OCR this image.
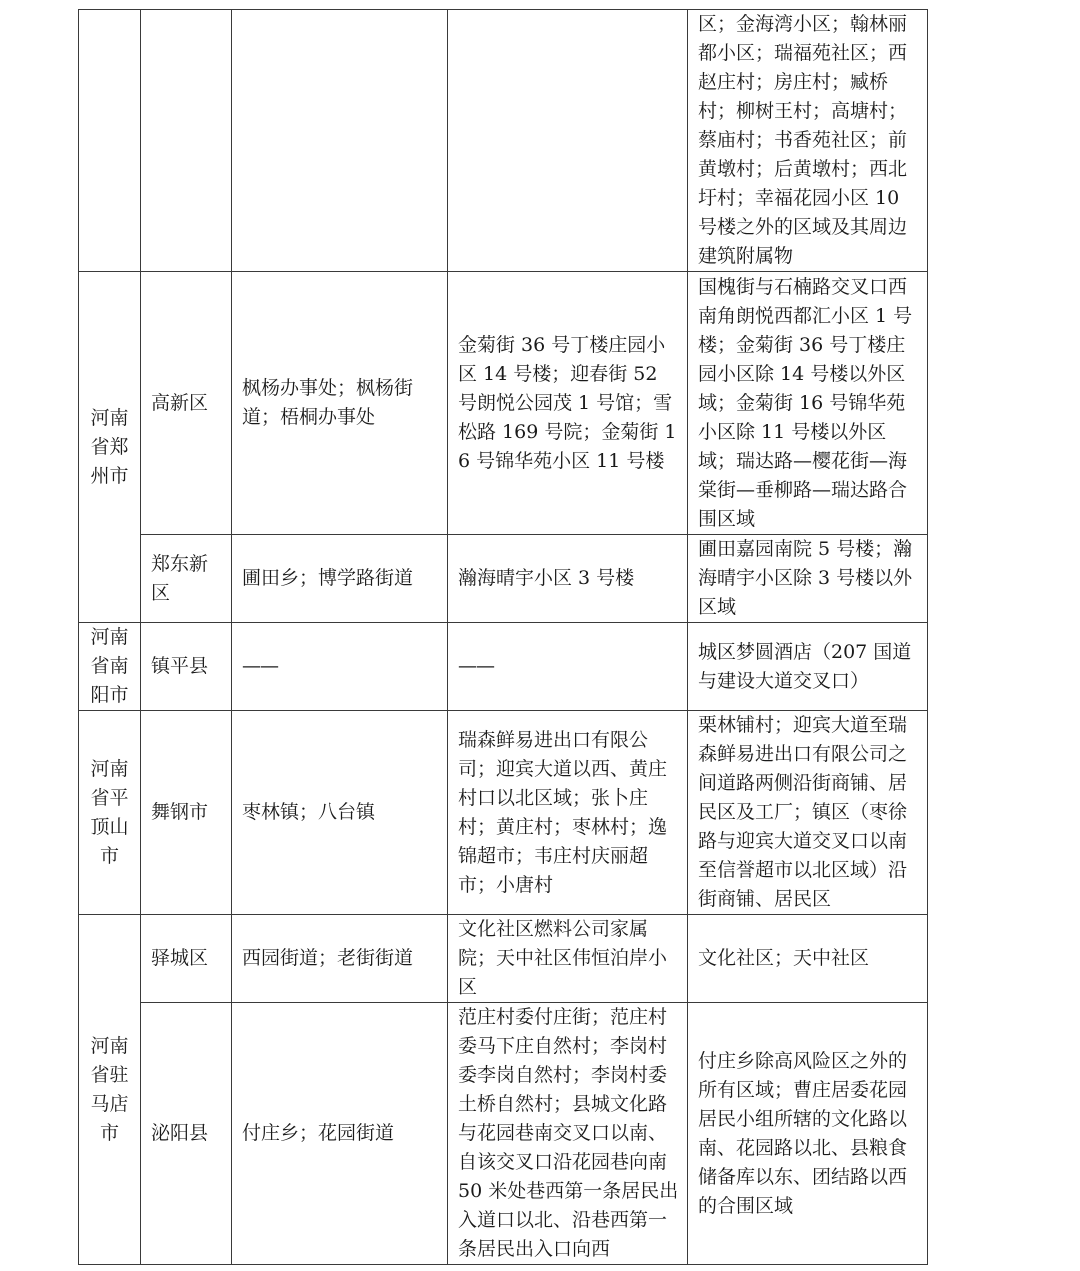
				区；金海湾小区；翰林丽都小区；瑞福苑社区；西赵庄村；房庄村；臧桥村；柳树王村；高塘村；蔡庙村；书香苑社区；前黄墩村；后黄墩村；西北圩村；幸福花园小区 10 号楼之外的区域及其周边建筑附属物

河南省郑州市	高新区	枫杨办事处；枫杨街道；梧桐办事处	金菊街 36 号丁楼庄园小区 14 号楼；迎春街 52 号朗悦公园茂 1 号馆；雪松路 169 号院；金菊街 16 号锦华苑小区 11 号楼	国槐街与石楠路交叉口西南角朗悦西都汇小区 1 号楼；金菊街 36 号丁楼庄园小区除 14 号楼以外区域；金菊街 16 号锦华苑小区除 11 号楼以外区域；瑞达路—樱花街—海棠街—垂柳路—瑞达路合围区域

	郑东新区	圃田乡；博学路街道	瀚海晴宇小区 3 号楼	圃田嘉园南院 5 号楼；瀚海晴宇小区除 3 号楼以外区域

河南省南阳市	镇平县	——	——	城区梦圆酒店（207 国道与建设大道交叉口）

河南省平顶山市	舞钢市	枣林镇；八台镇	瑞森鲜易进出口有限公司；迎宾大道以西、黄庄村口以北区域；张卜庄村；黄庄村；枣林村；逸锦超市；韦庄村庆丽超市；小唐村	栗林铺村；迎宾大道至瑞森鲜易进出口有限公司之间道路两侧沿街商铺、居民区及工厂；镇区（枣徐路与迎宾大道交叉口以南至信誉超市以北区域）沿街商铺、居民区

河南省驻马店市	驿城区	西园街道；老街街道	文化社区燃料公司家属院；天中社区伟恒泊岸小区	文化社区；天中社区

	泌阳县	付庄乡；花园街道	范庄村委付庄街；范庄村委马下庄自然村；李岗村委李岗自然村；李岗村委土桥自然村；县城文化路与花园巷南交叉口以南、自该交叉口沿花园巷向南 50 米处巷西第一条居民出入道口以北、沿巷西第一条居民出入口向西	付庄乡除高风险区之外的所有区域；曹庄居委花园居民小组所辖的文化路以南、花园路以北、县粮食储备库以东、团结路以西的合围区域
